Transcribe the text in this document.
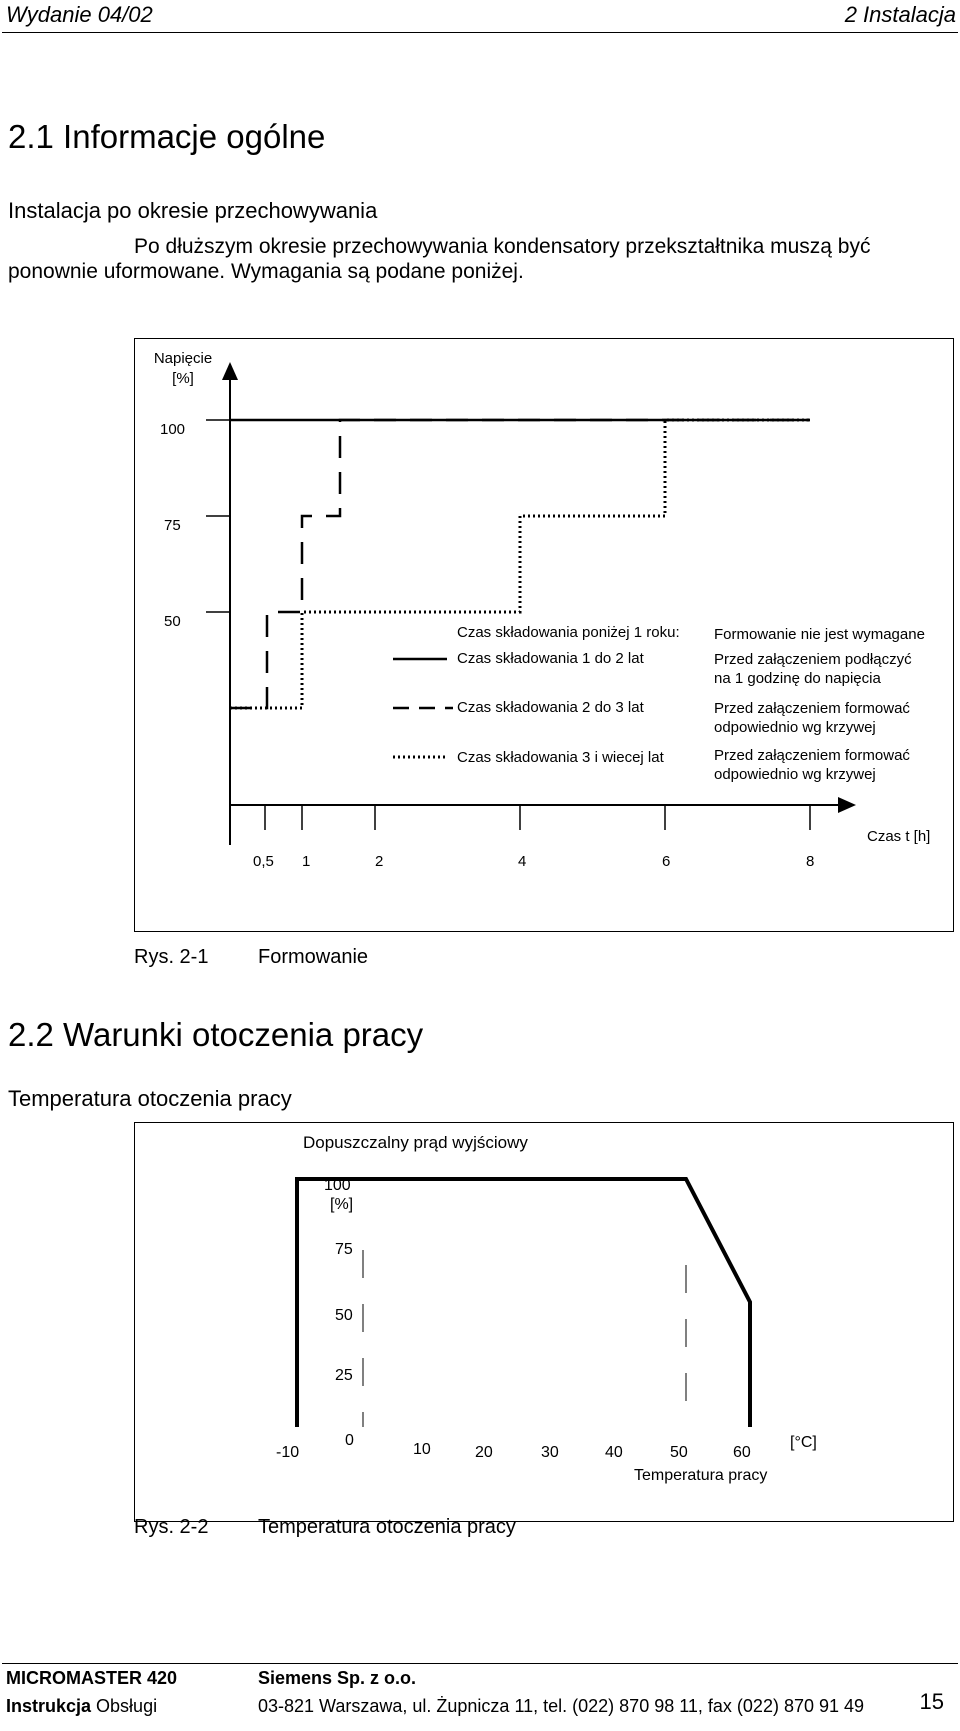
Wydanie 04/02	2 Instalacja
2.1 Informacje ogólne
Instalacja po okresie przechowywania
Po dłuższym okresie przechowywania kondensatory przekształtnika muszą być
ponownie uformowane. Wymagania są podane poniżej.
Napięcie
[%]
100
75
50
0,5 1	2	4	6	8
Czas t [h]
Czas składowania poniżej 1 roku: Formowanie nie jest wymagane
Czas składowania 1 do 2 lat	Przed załączeniem podłączyć
na 1 godzinę do napięcia
Czas składowania 2 do 3 lat	Przed załączeniem formować
odpowiednio wg krzywej
Czas składowania 3 i wiecej lat	Przed załączeniem formować
odpowiednio wg krzywej
Rys. 2-1 Formowanie
2.2 Warunki otoczenia pracy
Temperatura otoczenia pracy
Dopuszczalny prąd wyjściowy
100
[%]
75
50
25
-10
0
10	20	30	40	50	60
[°C]
Temperatura pracy
Rys. 2-2 Temperatura otoczenia pracy
MICROMASTER 420
Instrukcja Obsługi
Siemens Sp. z o.o.
03-821 Warszawa, ul. Żupnicza 11, tel. (022) 870 98 11, fax (022) 870 91 49	15
